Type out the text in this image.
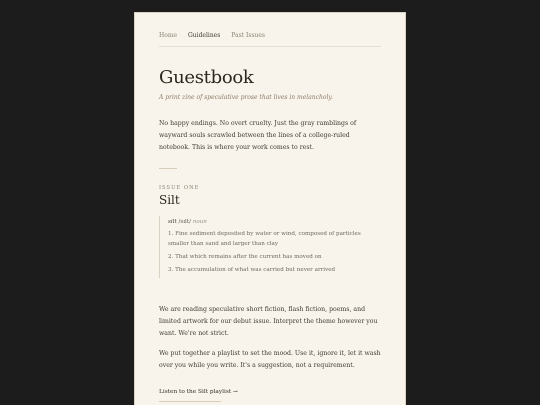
Home Guidelines Past Issues
Guestbook
A print zine of speculative prose that lives in melancholy.
No happy endings. No overt cruelty. Just the gray ramblings of wayward souls scrawled between the lines of a college-ruled notebook. This is where your work comes to rest.
ISSUE ONE
Silt
silt /sɪlt/ noun
1. Fine sediment deposited by water or wind, composed of particles smaller than sand and larger than clay
2. That which remains after the current has moved on
3. The accumulation of what was carried but never arrived
We are reading speculative short fiction, flash fiction, poems, and limited artwork for our debut issue. Interpret the theme however you want. We're not strict.
We put together a playlist to set the mood. Use it, ignore it, let it wash over you while you write. It's a suggestion, not a requirement.
Listen to the Silt playlist →
